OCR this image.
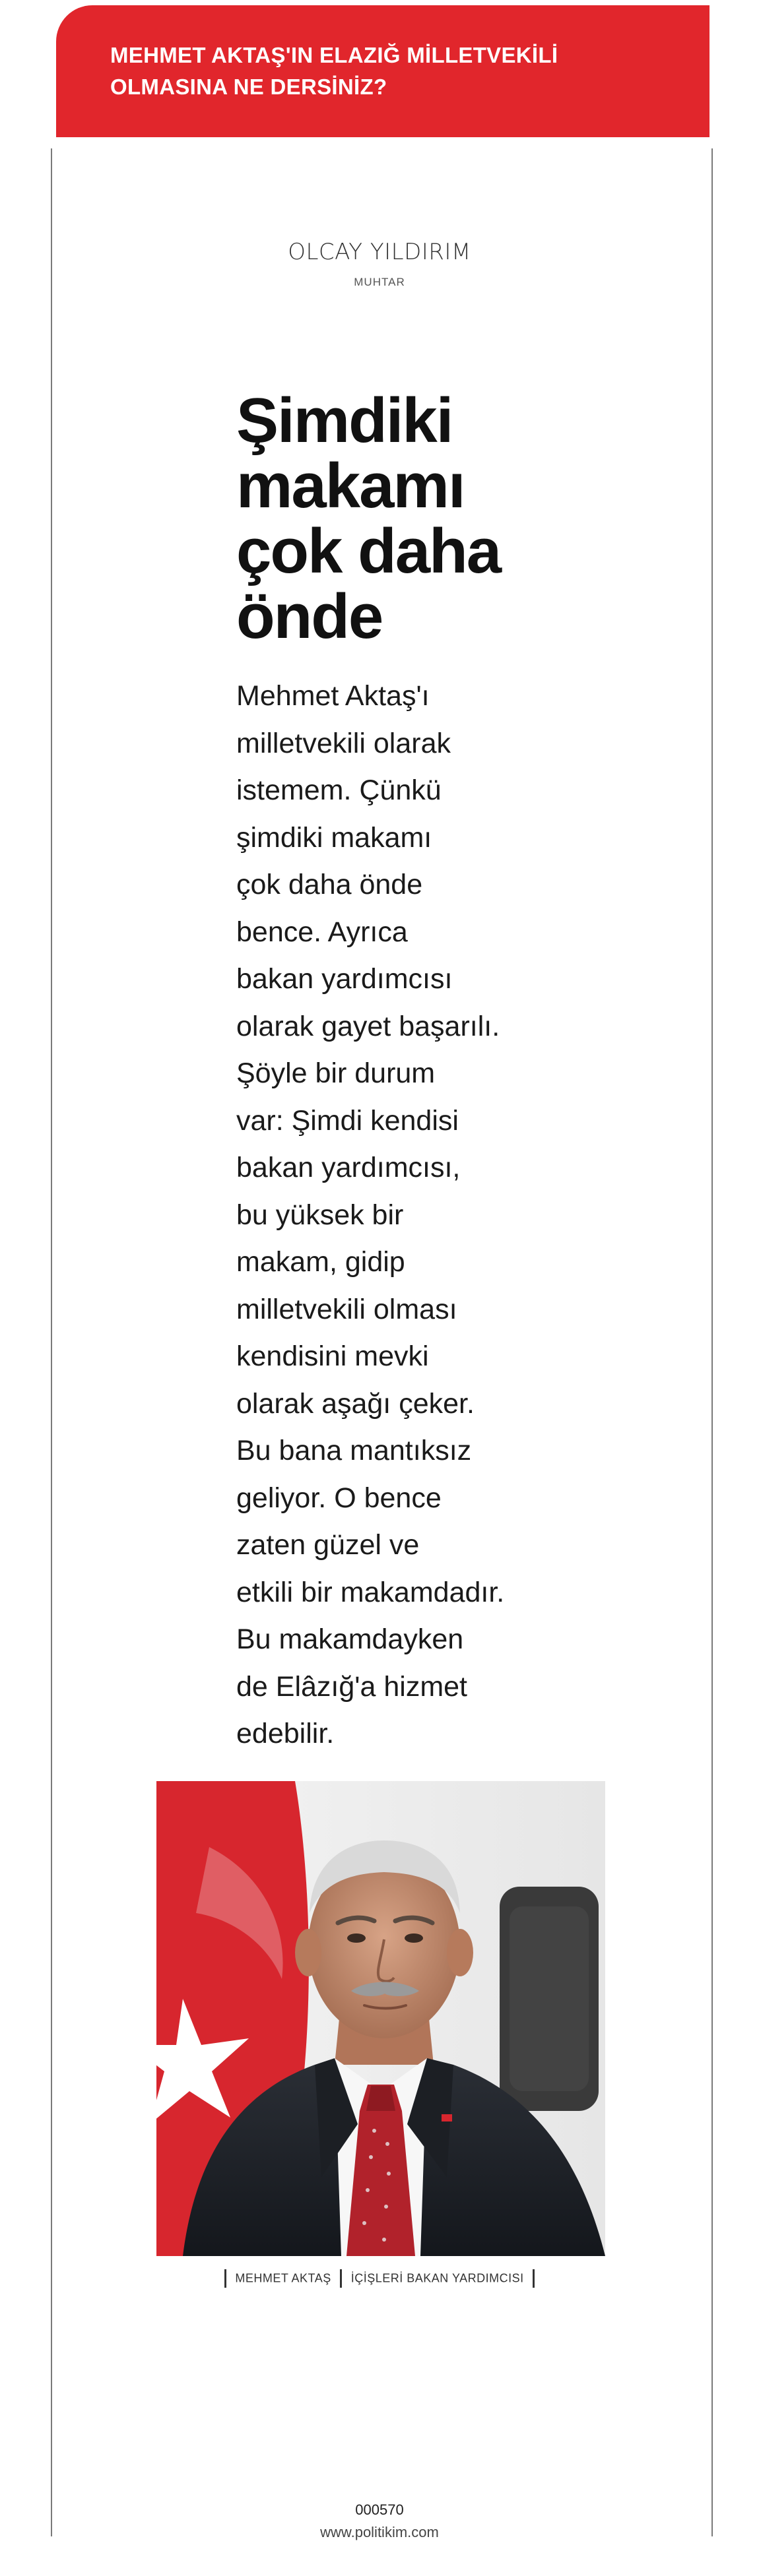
MEHMET AKTAŞ'IN ELAZIĞ MİLLETVEKİLİ OLMASINA NE DERSİNİZ?
OLCAY YILDIRIM
MUHTAR
Şimdiki makamı çok daha önde

Mehmet Aktaş'ı
milletvekili olarak
istemem. Çünkü
şimdiki makamı
çok daha önde
bence. Ayrıca
bakan yardımcısı
olarak gayet başarılı.
Şöyle bir durum
var: Şimdi kendisi
bakan yardımcısı,
bu yüksek bir
makam, gidip
milletvekili olması
kendisini mevki
olarak aşağı çeker.
Bu bana mantıksız
geliyor. O bence
zaten güzel ve
etkili bir makamdadır.
Bu makamdayken
de Elâzığ'a hizmet
edebilir.

MEHMET AKTAŞ İÇİŞLERİ BAKAN YARDIMCISI
000570
www.politikim.com
